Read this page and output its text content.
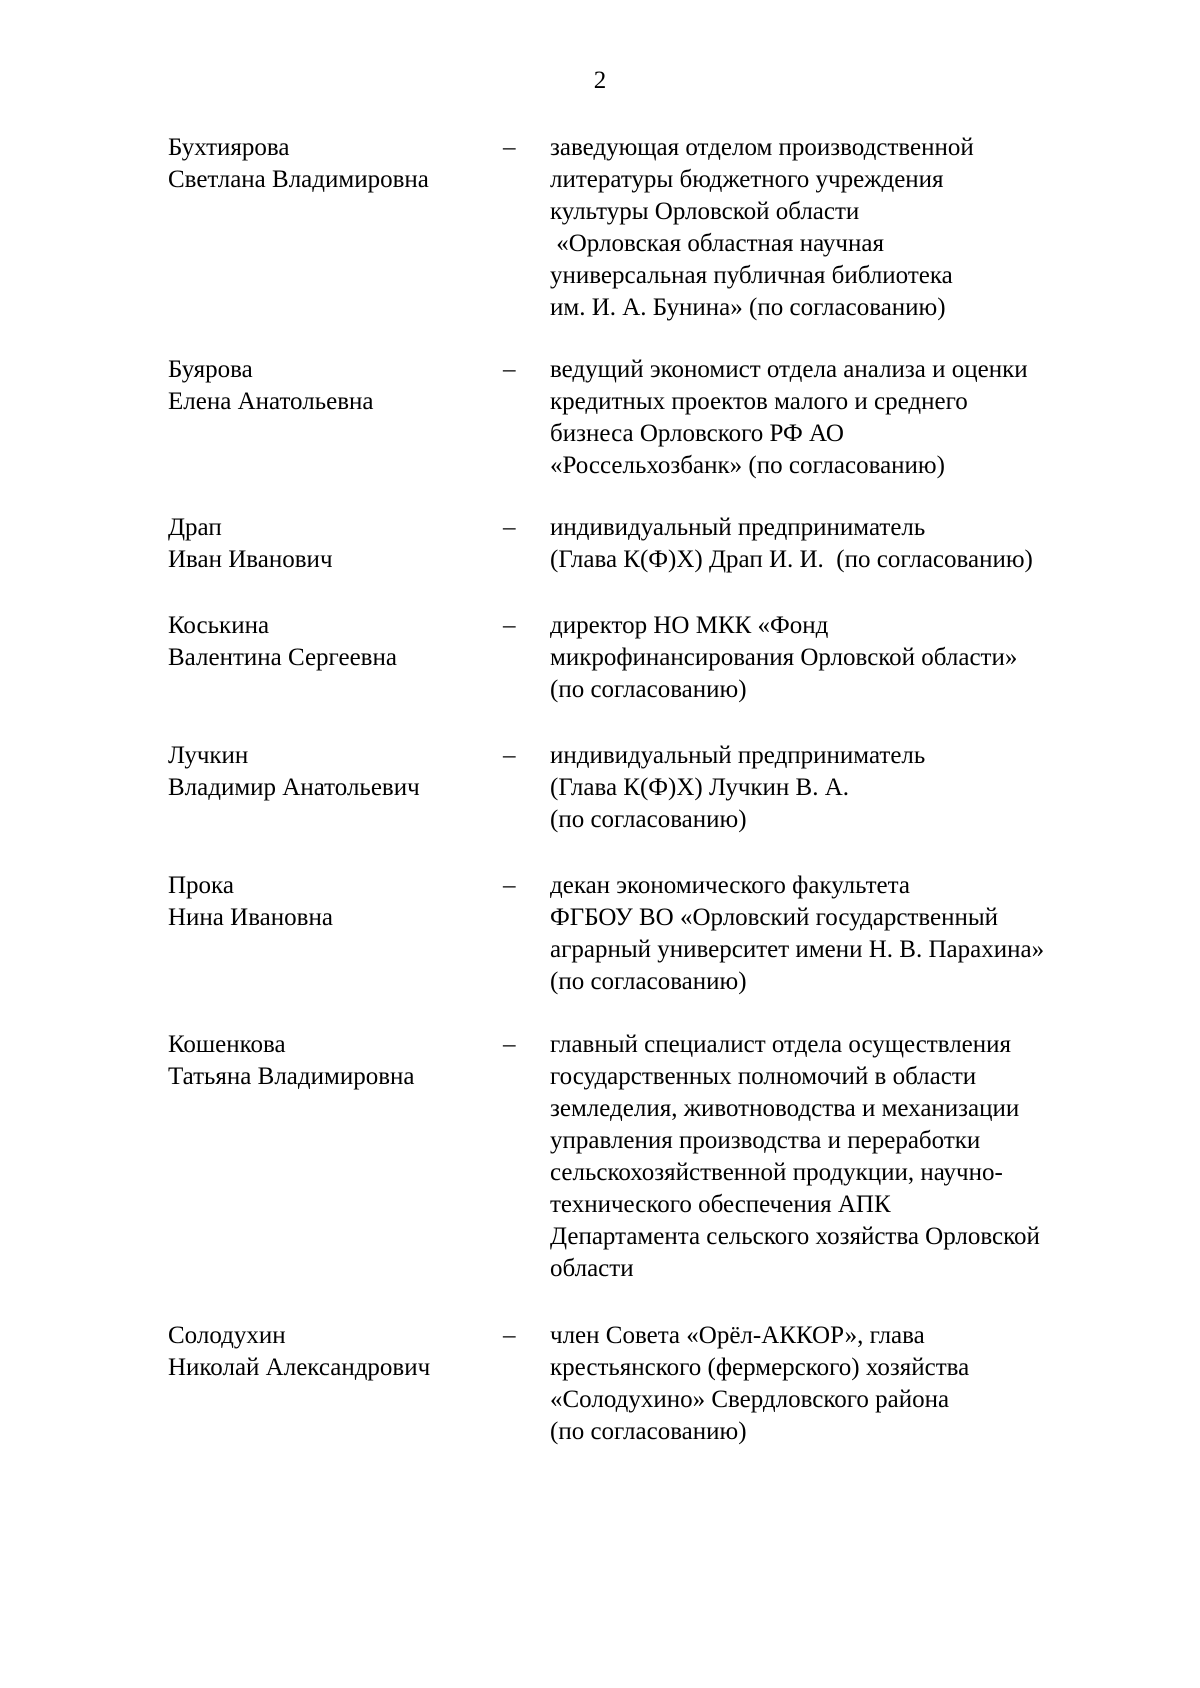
2
Бухтиярова
Светлана Владимировна
–	заведующая отделом производственной
литературы бюджетного учреждения
культуры Орловской области
«Орловская областная научная
универсальная публичная библиотека
им. И. А. Бунина» (по согласованию)
Буярова
Елена Анатольевна
–	ведущий экономист отдела анализа и оценки
кредитных проектов малого и среднего
бизнеса Орловского РФ АО
«Россельхозбанк» (по согласованию)
Драп
Иван Иванович
–	индивидуальный предприниматель
(Глава К(Ф)Х) Драп И. И.  (по согласованию)
Коськина
Валентина Сергеевна
–	директор НО МКК «Фонд
микрофинансирования Орловской области»
(по согласованию)
Лучкин
Владимир Анатольевич
–	индивидуальный предприниматель
(Глава К(Ф)Х) Лучкин В. А.
(по согласованию)
Прока
Нина Ивановна
–	декан экономического факультета
ФГБОУ ВО «Орловский государственный
аграрный университет имени Н. В. Парахина»
(по согласованию)
Кошенкова
Татьяна Владимировна
–	главный специалист отдела осуществления
государственных полномочий в области
земледелия, животноводства и механизации
управления производства и переработки
сельскохозяйственной продукции, научно-
технического обеспечения АПК
Департамента сельского хозяйства Орловской
области
Солодухин
Николай Александрович
–	член Совета «Орёл-АККОР», глава
крестьянского (фермерского) хозяйства
«Солодухино» Свердловского района
(по согласованию)
